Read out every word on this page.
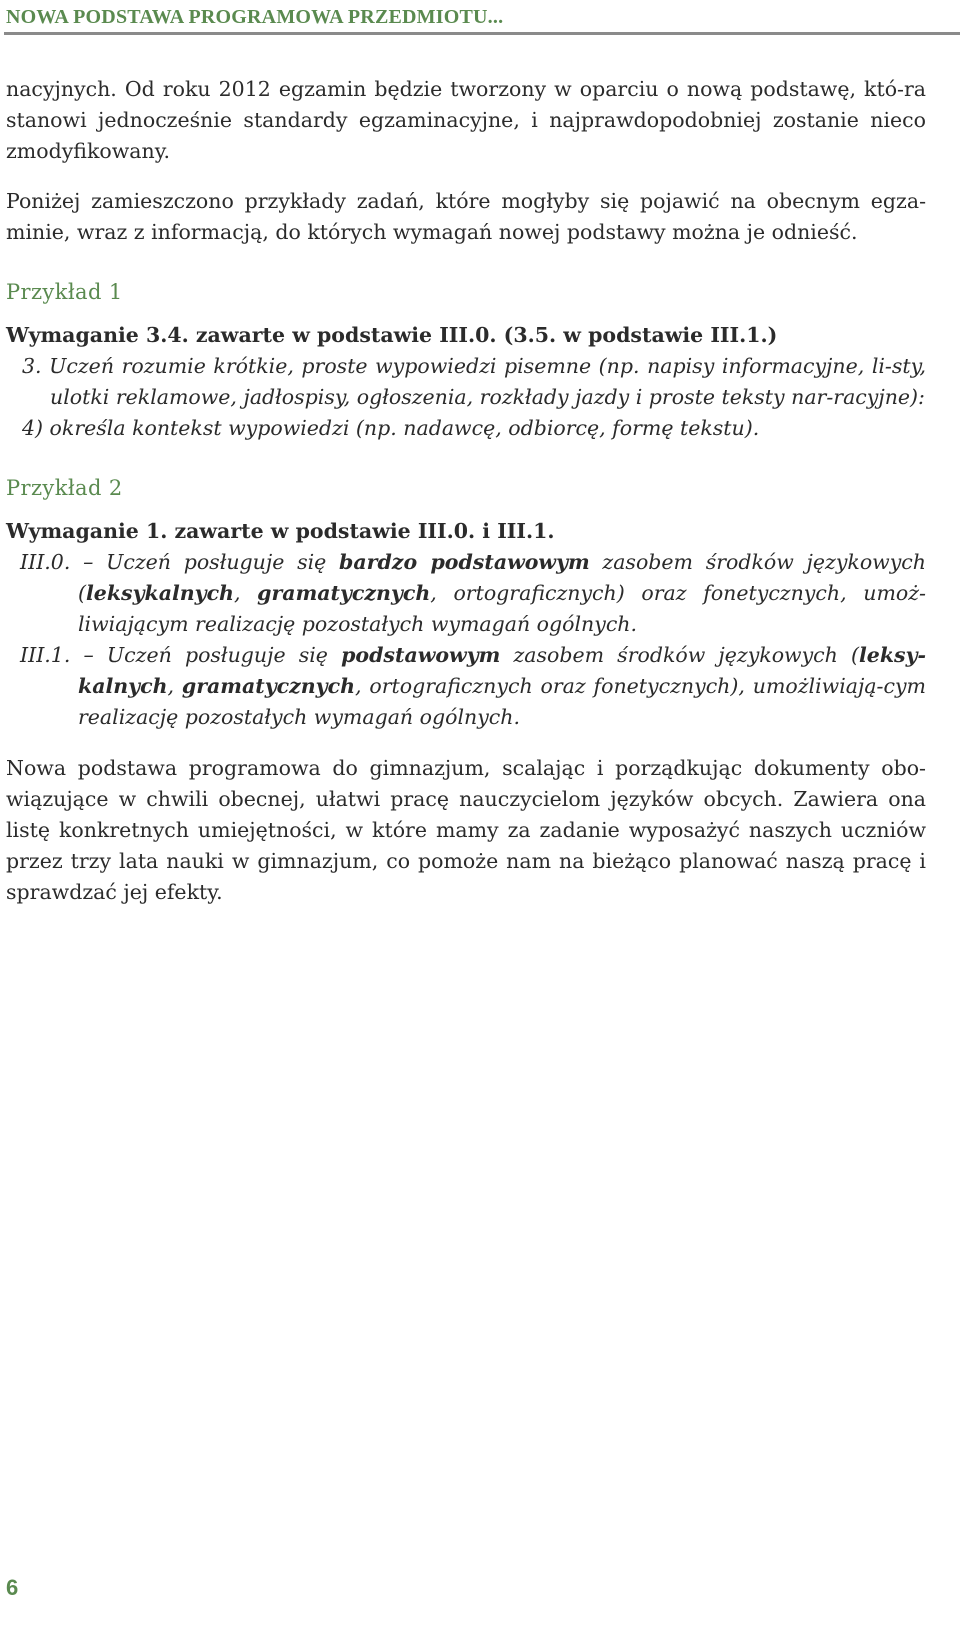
NOWA PODSTAWA PROGRAMOWA PRZEDMIOTU...

nacyjnych. Od roku 2012 egzamin będzie tworzony w oparciu o nową podstawę, któ-ra stanowi jednocześnie standardy egzaminacyjne, i najprawdopodobniej zostanie nieco zmodyfikowany.

Poniżej zamieszczono przykłady zadań, które mogłyby się pojawić na obecnym egza-minie, wraz z informacją, do których wymagań nowej podstawy można je odnieść.

Przykład 1

Wymaganie 3.4. zawarte w podstawie III.0. (3.5. w podstawie III.1.)

3. Uczeń rozumie krótkie, proste wypowiedzi pisemne (np. napisy informacyjne, li-sty, ulotki reklamowe, jadłospisy, ogłoszenia, rozkłady jazdy i proste teksty nar-racyjne):

4) określa kontekst wypowiedzi (np. nadawcę, odbiorcę, formę tekstu).

Przykład 2

Wymaganie 1. zawarte w podstawie III.0. i III.1.

III.0. – Uczeń posługuje się bardzo podstawowym zasobem środków językowych (leksykalnych, gramatycznych, ortograficznych) oraz fonetycznych, umoż-liwiającym realizację pozostałych wymagań ogólnych.

III.1. – Uczeń posługuje się podstawowym zasobem środków językowych (leksy-kalnych, gramatycznych, ortograficznych oraz fonetycznych), umożliwiają-cym realizację pozostałych wymagań ogólnych.

Nowa podstawa programowa do gimnazjum, scalając i porządkując dokumenty obo-wiązujące w chwili obecnej, ułatwi pracę nauczycielom języków obcych. Zawiera ona listę konkretnych umiejętności, w które mamy za zadanie wyposażyć naszych uczniów przez trzy lata nauki w gimnazjum, co pomoże nam na bieżąco planować naszą pracę i sprawdzać jej efekty.

6
